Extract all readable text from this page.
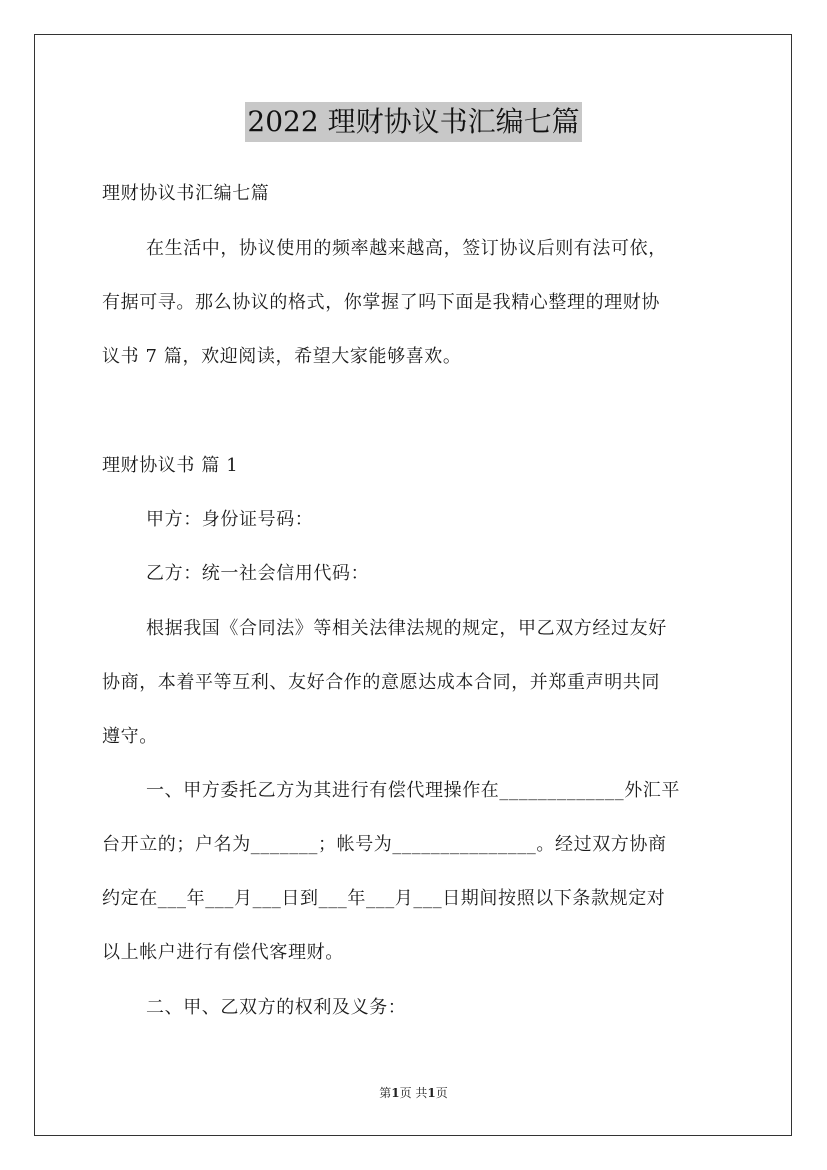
2022 理财协议书汇编七篇
理财协议书汇编七篇
在生活中，协议使用的频率越来越高，签订协议后则有法可依，
有据可寻。那么协议的格式，你掌握了吗下面是我精心整理的理财协
议书 7 篇，欢迎阅读，希望大家能够喜欢。
理财协议书 篇 1
甲方：身份证号码：
乙方：统一社会信用代码：
根据我国《合同法》等相关法律法规的规定，甲乙双方经过友好
协商，本着平等互利、友好合作的意愿达成本合同，并郑重声明共同
遵守。
一、甲方委托乙方为其进行有偿代理操作在_____________外汇平
台开立的；户名为_______；帐号为_______________。经过双方协商
约定在___年___月___日到___年___月___日期间按照以下条款规定对
以上帐户进行有偿代客理财。
二、甲、乙双方的权利及义务：
第1页 共1页
